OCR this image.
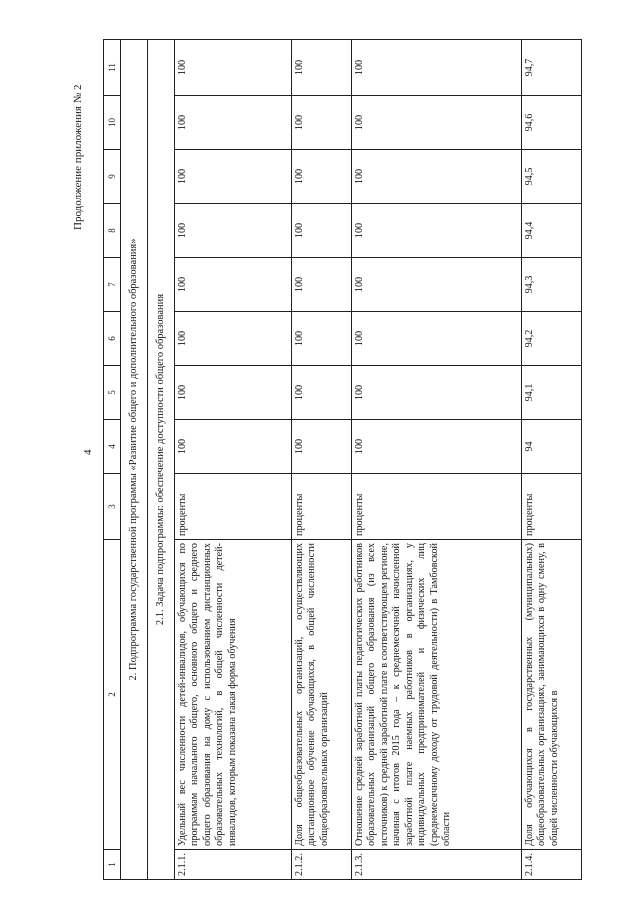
4
Продолжение приложения № 2
1	2	3	4	5	6	7	8	9	10	11
2. Подпрограмма государственной программы «Развитие общего и дополнительного образования»										
2.1. Задача подпрограммы: обеспечение доступности общего образования										
2.1.1.	Удельный вес численности детей-инвалидов, обучающихся по программам начального общего, основного общего и среднего общего образования на дому с использованием дистанционных образовательных технологий, в общей численности детей-инвалидов, которым показана такая форма обучения	проценты	100	100	100	100	100	100	100	100
2.1.2.	Доля общеобразовательных организаций, осуществляющих дистанционное обучение обучающихся, в общей численности общеобразовательных организаций	проценты	100	100	100	100	100	100	100	100
2.1.3.	Отношение средней заработной платы педагогических работников образовательных организаций общего образования (из всех источников) к средней заработной плате в соответствующем регионе, начиная с итогов 2015 года – к среднемесячной начисленной заработной плате наемных работников в организациях, у индивидуальных предпринимателей и физических лиц (среднемесячному доходу от трудовой деятельности) в Тамбовской области	проценты	100	100	100	100	100	100	100	100
2.1.4.	Доля обучающихся в государственных (муниципальных) общеобразовательных организациях, занимающихся в одну смену, в общей численности обучающихся в	проценты	94	94,1	94,2	94,3	94,4	94,5	94,6	94,7
